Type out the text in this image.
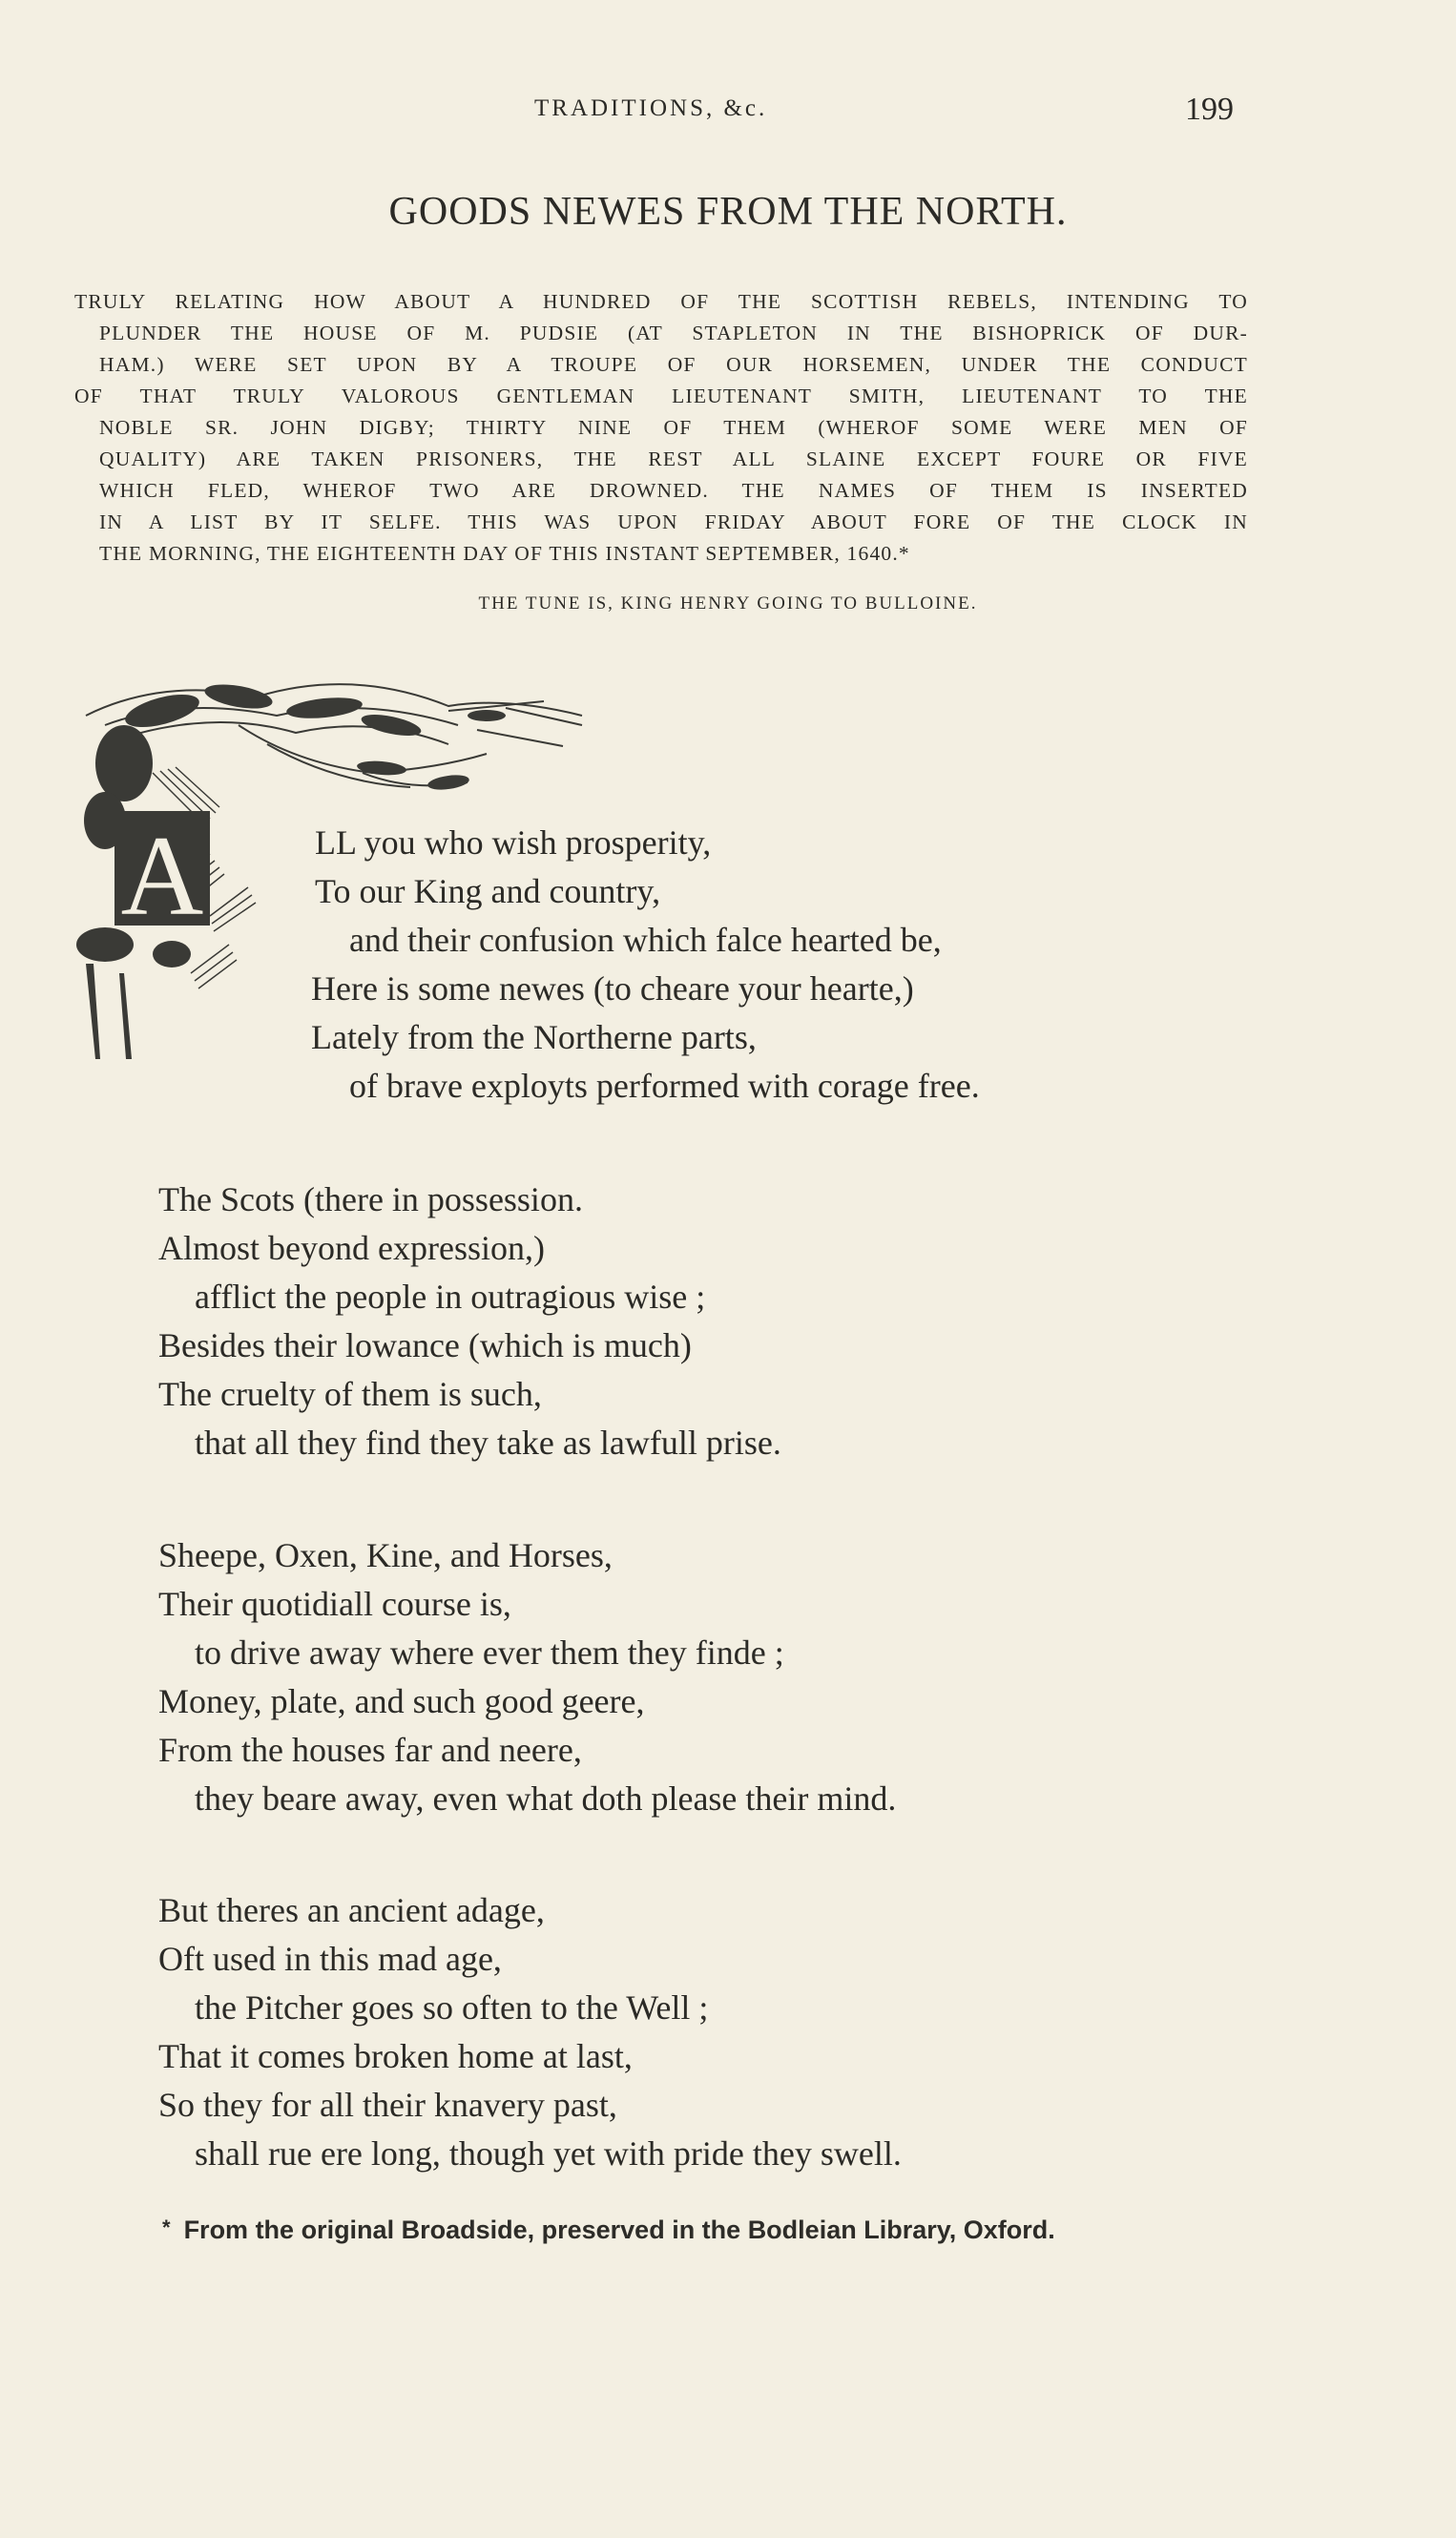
TRADITIONS, &c.	199
GOODS NEWES FROM THE NORTH.
TRULY RELATING HOW ABOUT A HUNDRED OF THE SCOTTISH REBELS, INTENDING TO
PLUNDER THE HOUSE OF M. PUDSIE (AT STAPLETON IN THE BISHOPRICK OF DUR-
HAM.) WERE SET UPON BY A TROUPE OF OUR HORSEMEN, UNDER THE CONDUCT
OF THAT TRULY VALOROUS GENTLEMAN LIEUTENANT SMITH, LIEUTENANT TO THE
NOBLE SR. JOHN DIGBY; THIRTY NINE OF THEM (WHEROF SOME WERE MEN OF
QUALITY) ARE TAKEN PRISONERS, THE REST ALL SLAINE EXCEPT FOURE OR FIVE
WHICH FLED, WHEROF TWO ARE DROWNED. THE NAMES OF THEM IS INSERTED
IN A LIST BY IT SELFE. THIS WAS UPON FRIDAY ABOUT FORE OF THE CLOCK IN
THE MORNING, THE EIGHTEENTH DAY OF THIS INSTANT SEPTEMBER, 1640.*
THE TUNE IS, KING HENRY GOING TO BULLOINE.
A	LL you who wish prosperity,
To our King and country,
and their confusion which falce hearted be,
Here is some newes (to cheare your hearte,)
Lately from the Northerne parts,
of brave exployts performed with corage free.
The Scots (there in possession.
Almost beyond expression,)
afflict the people in outragious wise ;
Besides their lowance (which is much)
The cruelty of them is such,
that all they find they take as lawfull prise.
Sheepe, Oxen, Kine, and Horses,
Their quotidiall course is,
to drive away where ever them they finde ;
Money, plate, and such good geere,
From the houses far and neere,
they beare away, even what doth please their mind.
But theres an ancient adage,
Oft used in this mad age,
the Pitcher goes so often to the Well ;
That it comes broken home at last,
So they for all their knavery past,
shall rue ere long, though yet with pride they swell.
* From the original Broadside, preserved in the Bodleian Library, Oxford.
